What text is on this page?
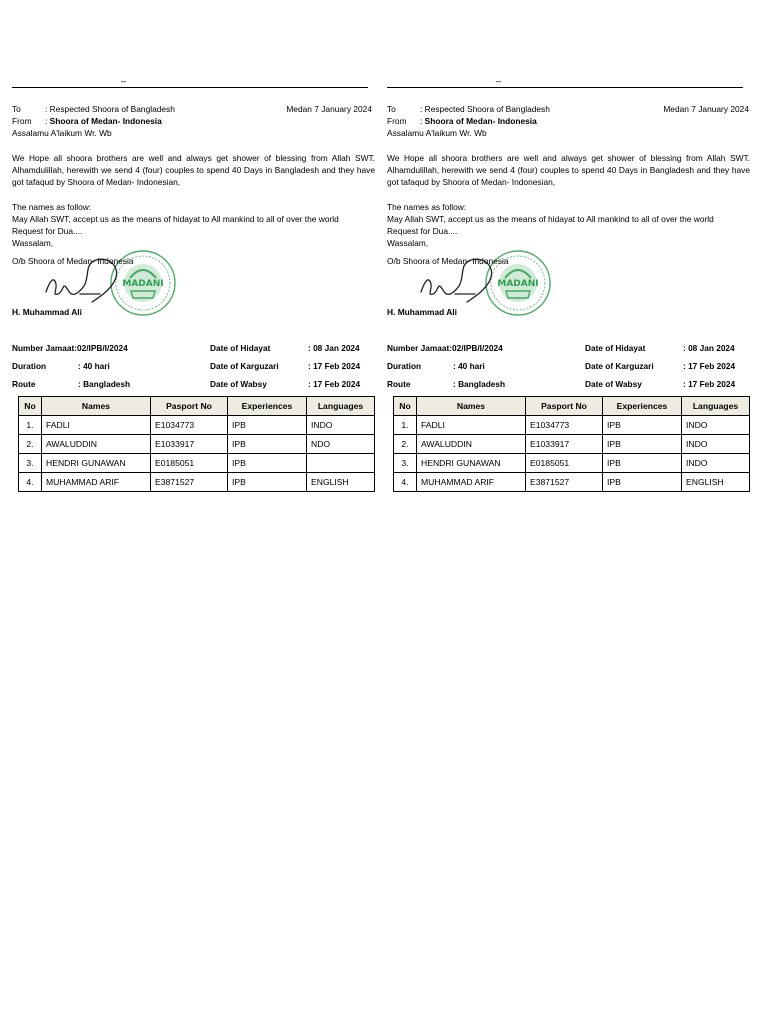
_
To	: Respected Shoora of Bangladesh	Medan 7 January 2024
From : Shoora of Medan- Indonesia
Assalamu A'laikum Wr. Wb
We Hope all shoora brothers are well and always get shower of blessing from Allah SWT. Alhamdulillah, herewith we send 4 (four) couples to spend 40 Days in Bangladesh and they have got tafaqud by Shoora of Medan- Indonesian,
The names as follow:
May Allah SWT, accept us as the means of hidayat to All mankind to all of over the world
Request for Dua....
Wassalam,
MADANI
O/b Shoora of Medan- Indonesia
H. Muhammad Ali
Number Jamaat:02/IPB/I/2024
Duration	: 40 hari
Route	: Bangladesh
Date of Hidayat	: 08 Jan 2024
Date of Karguzari	: 17 Feb 2024
Date of Wabsy	: 17 Feb 2024
No	Names	Pasport No	Experiences	Languages
1.	FADLI	E1034773	IPB	INDO
2.	AWALUDDIN	E1033917	IPB	NDO
3.	HENDRI GUNAWAN	E0185051	IPB	
4.	MUHAMMAD ARIF	E3871527	IPB	ENGLISH
_
To	: Respected Shoora of Bangladesh	Medan 7 January 2024
From : Shoora of Medan- Indonesia
Assalamu A'laikum Wr. Wb
We Hope all shoora brothers are well and always get shower of blessing from Allah SWT. Alhamdulillah, herewith we send 4 (four) couples to spend 40 Days in Bangladesh and they have got tafaqud by Shoora of Medan- Indonesian,
The names as follow:
May Allah SWT, accept us as the means of hidayat to All mankind to all of over the world
Request for Dua....
Wassalam,
MADANI
O/b Shoora of Medan- Indonesia
H. Muhammad Ali
Number Jamaat:02/IPB/I/2024
Duration	: 40 hari
Route	: Bangladesh
Date of Hidayat	: 08 Jan 2024
Date of Karguzari	: 17 Feb 2024
Date of Wabsy	: 17 Feb 2024
No	Names	Pasport No	Experiences	Languages
1.	FADLI	E1034773	IPB	INDO
2.	AWALUDDIN	E1033917	IPB	INDO
3.	HENDRI GUNAWAN	E0185051	IPB	INDO
4.	MUHAMMAD ARIF	E3871527	IPB	ENGLISH
